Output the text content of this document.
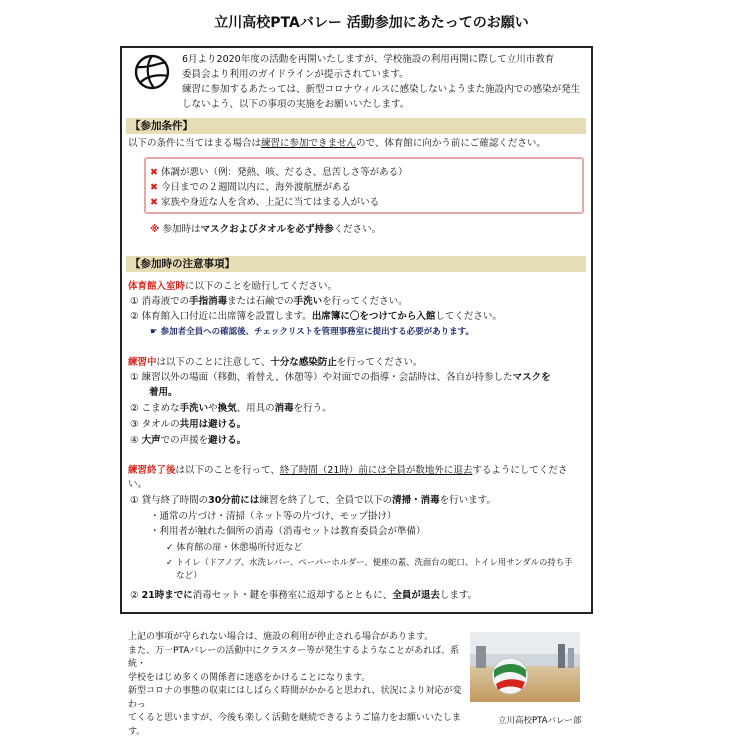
立川高校PTAバレー 活動参加にあたってのお願い
6月より2020年度の活動を再開いたしますが、学校施設の利用再開に際して立川市教育
委員会より利用のガイドラインが提示されています。
練習に参加するあたっては、新型コロナウィルスに感染しないようまた施設内での感染が発生
しないよう、以下の事項の実施をお願いいたします。
【参加条件】
以下の条件に当てはまる場合は練習に参加できませんので、体育館に向かう前にご確認ください。
✖ 体調が悪い（例：発熱、咳、だるさ、息苦しさ等がある）
✖ 今日までの２週間以内に、海外渡航歴がある
✖ 家族や身近な人を含め、上記に当てはまる人がいる
※ 参加時はマスクおよびタオルを必ず持参ください。
【参加時の注意事項】
体育館入室時に以下のことを励行してください。
① 消毒液での手指消毒または石鹸での手洗いを行ってください。
② 体育館入口付近に出席簿を設置します。出席簿に〇をつけてから入館してください。
☛ 参加者全員への確認後、チェックリストを管理事務室に提出する必要があります。
練習中は以下のことに注意して、十分な感染防止を行ってください。
① 練習以外の場面（移動、着替え、休憩等）や対面での指導・会話時は、各自が持参したマスクを
着用。
② こまめな手洗いや換気、用具の消毒を行う。
③ タオルの共用は避ける。
④ 大声での声援を避ける。
練習終了後は以下のことを行って、終了時間（21時）前には全員が数地外に退去するようにしてくださ
い。
① 貸与終了時間の30分前には練習を終了して、全員で以下の清掃・消毒を行います。
・通常の片づけ・清掃（ネット等の片づけ、モップ掛け）
・利用者が触れた個所の消毒（消毒セットは教育委員会が準備）
✓ 体育館の扉・休憩場所付近など
✓ トイレ（ドアノブ、水洗レバー、ペーパーホルダー、便座の蓋、洗面台の蛇口、トイレ用サンダルの持ち手
など）
② 21時までに消毒セット・鍵を事務室に返却するとともに、全員が退去します。
上記の事項が守られない場合は、施設の利用が停止される場合があります。
また、万一PTAバレーの活動中にクラスター等が発生するようなことがあれば、系統・
学校をはじめ多くの関係者に迷惑をかけることになります。
新型コロナの事態の収束にはしばらく時間がかかると思われ、状況により対応が変わっ
てくると思いますが、今後も楽しく活動を継続できるようご協力をお願いいたします。
立川高校PTAバレー部
